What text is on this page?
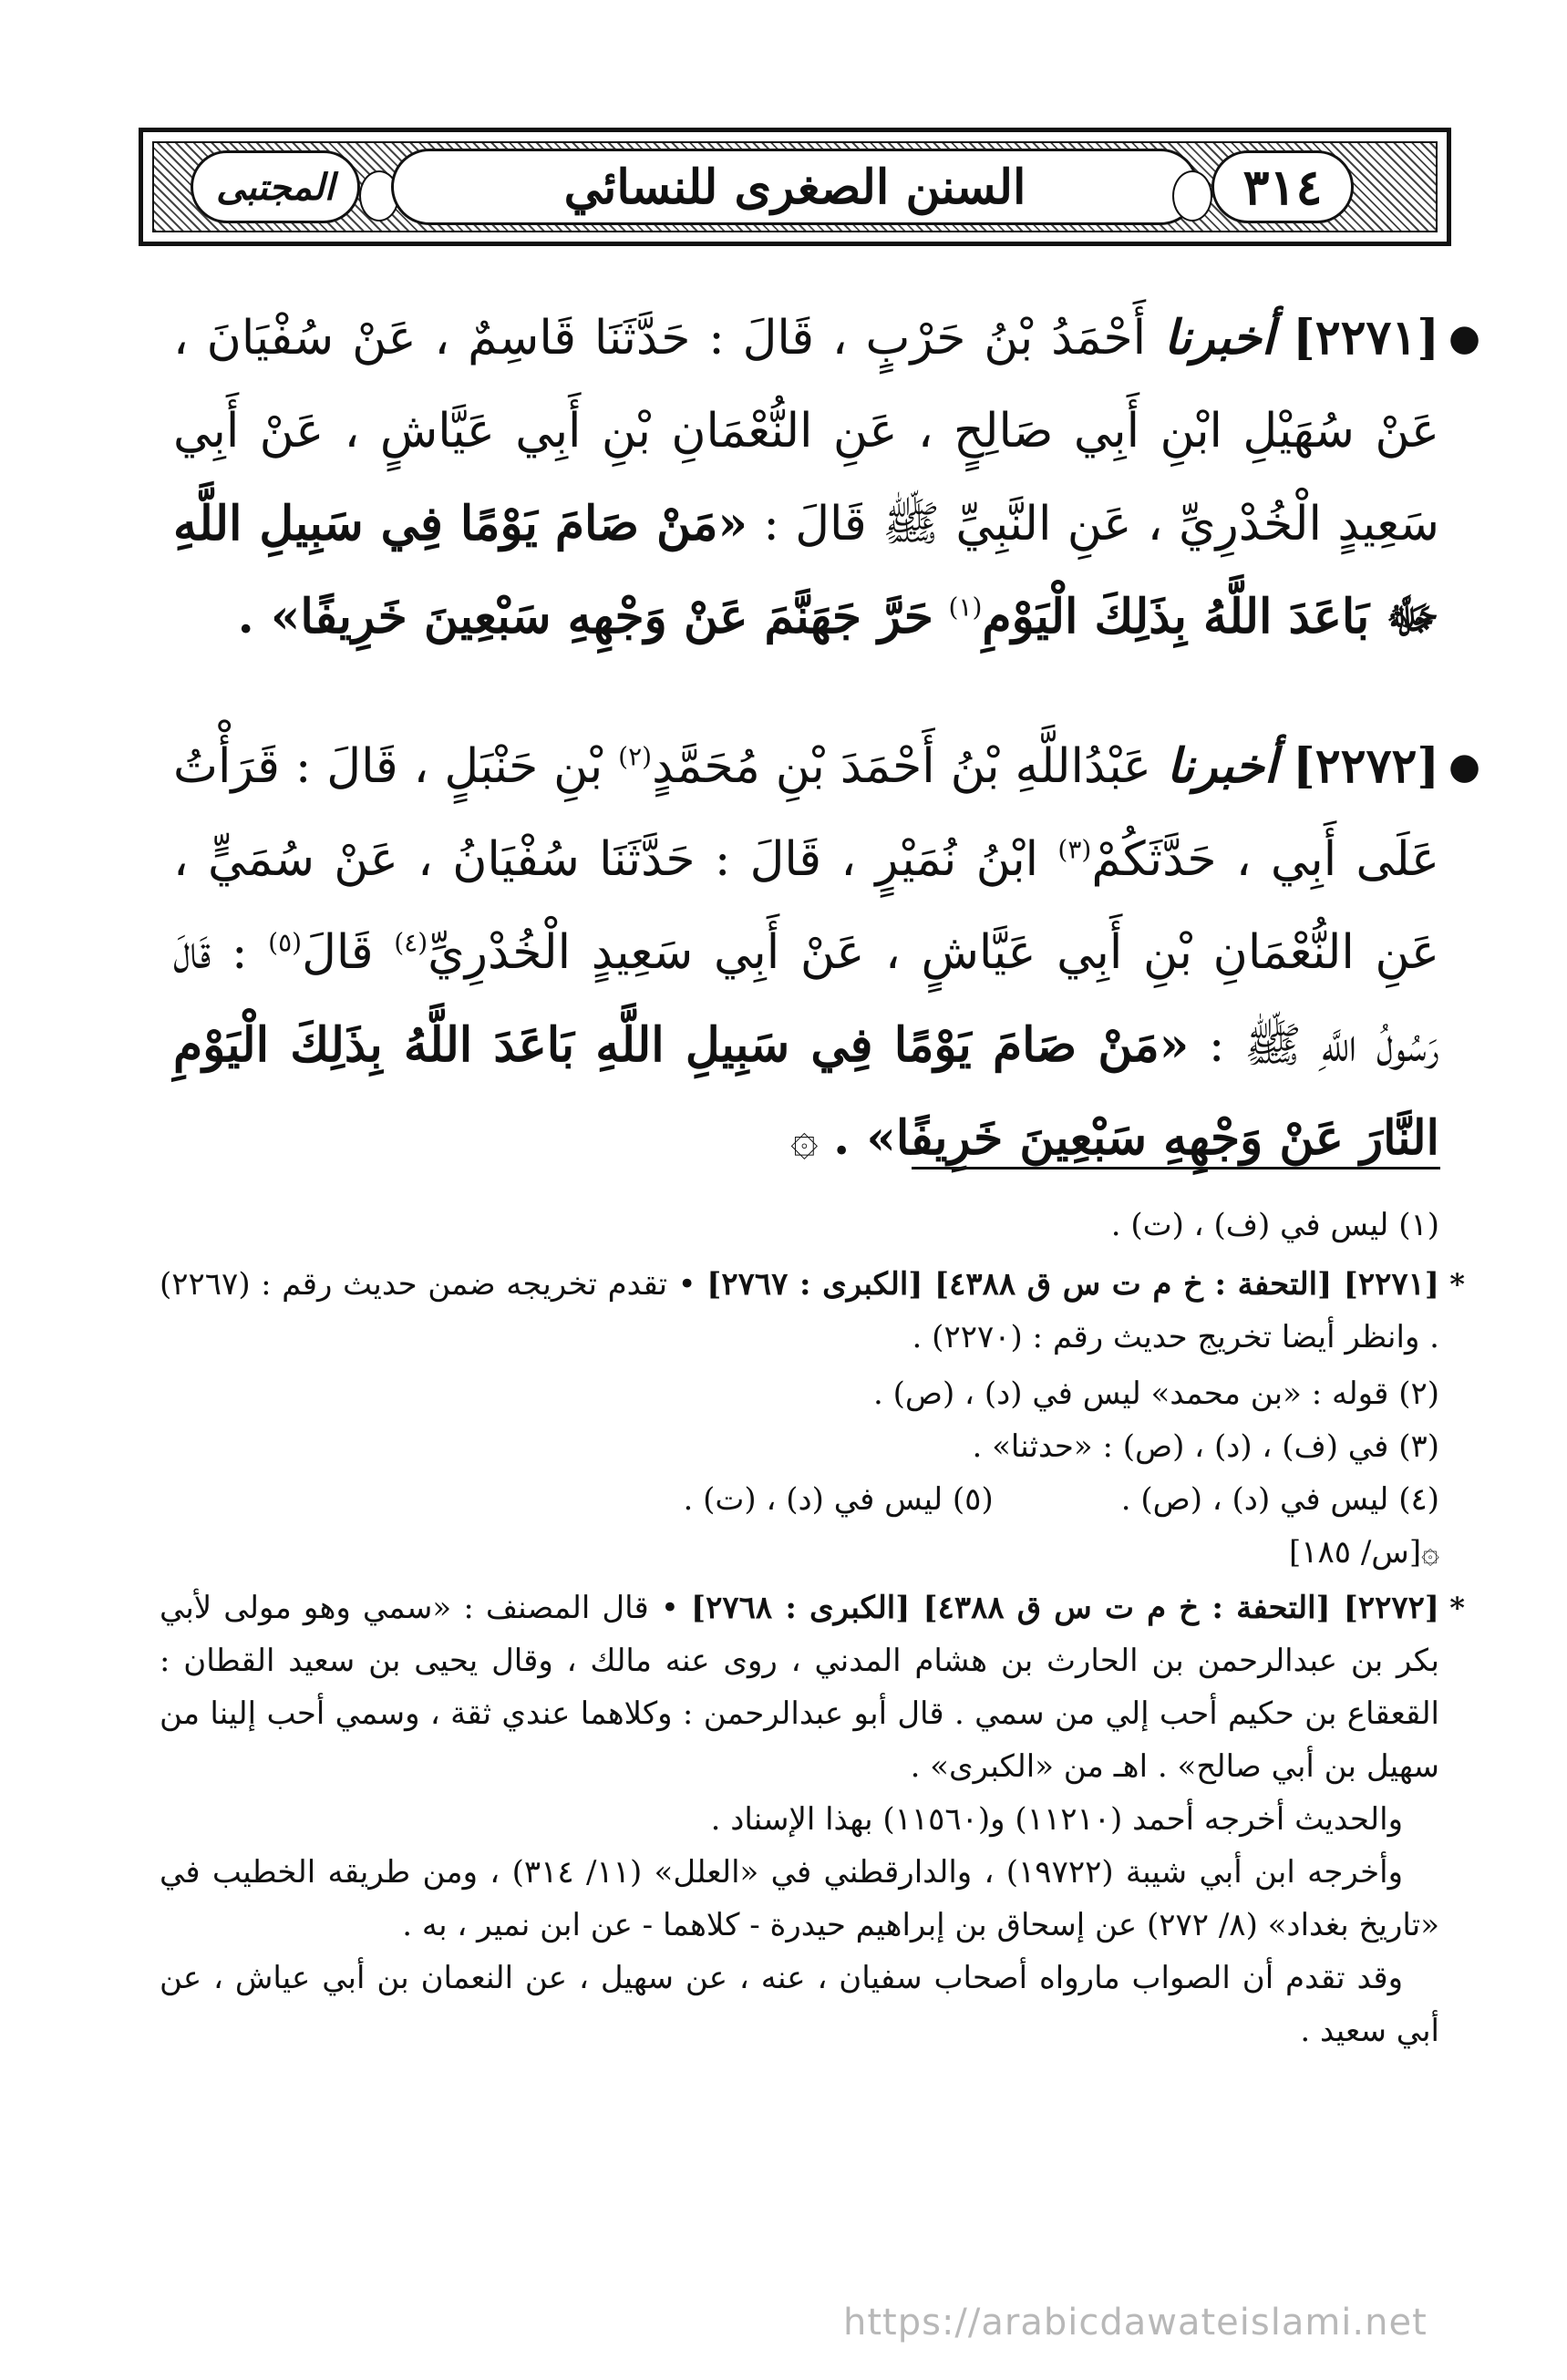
المجتبى	السنن الصغرى للنسائي	٣١٤
●
[٢٢٧١] أخبرنا أَحْمَدُ بْنُ حَرْبٍ ، قَالَ : حَدَّثَنَا قَاسِمٌ ، عَنْ سُفْيَانَ ، عَنْ سُهَيْلِ ابْنِ أَبِي صَالِحٍ ، عَنِ النُّعْمَانِ بْنِ أَبِي عَيَّاشٍ ، عَنْ أَبِي سَعِيدٍ الْخُدْرِيِّ ، عَنِ النَّبِيِّ ﷺ قَالَ : «مَنْ صَامَ يَوْمًا فِي سَبِيلِ اللَّهِ ﷻ بَاعَدَ اللَّهُ بِذَلِكَ الْيَوْمِ$^{(١)}$ حَرَّ جَهَنَّمَ عَنْ وَجْهِهِ سَبْعِينَ خَرِيفًا» .
●
[٢٢٧٢] أخبرنا عَبْدُاللَّهِ بْنُ أَحْمَدَ بْنِ مُحَمَّدٍ$^{(٢)}$ بْنِ حَنْبَلٍ ، قَالَ : قَرَأْتُ عَلَى أَبِي ، حَدَّثَكُمْ$^{(٣)}$ ابْنُ نُمَيْرٍ ، قَالَ : حَدَّثَنَا سُفْيَانُ ، عَنْ سُمَيٍّ ، عَنِ النُّعْمَانِ بْنِ أَبِي عَيَّاشٍ ، عَنْ أَبِي سَعِيدٍ الْخُدْرِيِّ$^{(٤)}$ قَالَ$^{(٥)}$ : قَالَ رَسُولُ اللَّهِ ﷺ : «مَنْ صَامَ يَوْمًا فِي سَبِيلِ اللَّهِ بَاعَدَ اللَّهُ بِذَلِكَ الْيَوْمِ النَّارَ عَنْ وَجْهِهِ سَبْعِينَ خَرِيفًا» . ۞

(١) ليس في (ف) ، (ت) .

*

[٢٢٧١] [التحفة : خ م ت س ق ٤٣٨٨] [الكبرى : ٢٧٦٧] • تقدم تخريجه ضمن حديث رقم : (٢٢٦٧) . وانظر أيضا تخريج حديث رقم : (٢٢٧٠) .

(٢) قوله : «بن محمد» ليس في (د) ، (ص) .

(٣) في (ف) ، (د) ، (ص) : «حدثنا» .

(٤) ليس في (د) ، (ص) .
(٥) ليس في (د) ، (ت) .

۞[س/ ١٨٥]

*

[٢٢٧٢] [التحفة : خ م ت س ق ٤٣٨٨] [الكبرى : ٢٧٦٨] • قال المصنف : «سمي وهو مولى لأبي بكر بن عبدالرحمن بن الحارث بن هشام المدني ، روى عنه مالك ، وقال يحيى بن سعيد القطان : القعقاع بن حكيم أحب إلي من سمي . قال أبو عبدالرحمن : وكلاهما عندي ثقة ، وسمي أحب إلينا من سهيل بن أبي صالح» . اهـ من «الكبرى» .

والحديث أخرجه أحمد (١١٢١٠) و(١١٥٦٠) بهذا الإسناد .

وأخرجه ابن أبي شيبة (١٩٧٢٢) ، والدارقطني في «العلل» (١١/ ٣١٤) ، ومن طريقه الخطيب في «تاريخ بغداد» (٨/ ٢٧٢) عن إسحاق بن إبراهيم حيدرة - كلاهما - عن ابن نمير ، به .

وقد تقدم أن الصواب مارواه أصحاب سفيان ، عنه ، عن سهيل ، عن النعمان بن أبي عياش ، عن أبي سعيد .

https://arabicdawateislami.net
